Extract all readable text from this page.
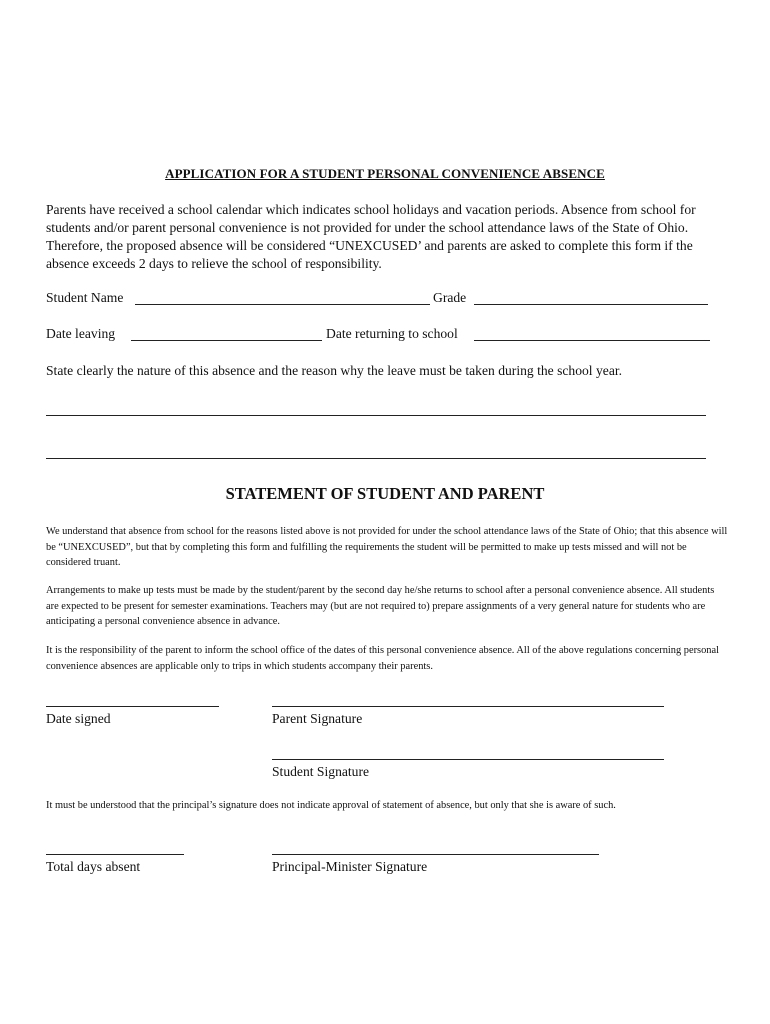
APPLICATION FOR A STUDENT PERSONAL CONVENIENCE ABSENCE

Parents have received a school calendar which indicates school holidays and vacation periods. Absence from school for students and/or parent personal convenience is not provided for under the school attendance laws of the State of Ohio. Therefore, the proposed absence will be considered “UNEXCUSED’ and parents are asked to complete this form if the absence exceeds 2 days to relieve the school of responsibility.

Student Name	Grade
Date leaving	Date returning to school
State clearly the nature of this absence and the reason why the leave must be taken during the school year.
STATEMENT OF STUDENT AND PARENT

We understand that absence from school for the reasons listed above is not provided for under the school attendance laws of the State of Ohio; that this absence will be “UNEXCUSED”, but that by completing this form and fulfilling the requirements the student will be permitted to make up tests missed and will not be considered truant.

Arrangements to make up tests must be made by the student/parent by the second day he/she returns to school after a personal convenience absence. All students are expected to be present for semester examinations. Teachers may (but are not required to) prepare assignments of a very general nature for students who are anticipating a personal convenience absence in advance.

It is the responsibility of the parent to inform the school office of the dates of this personal convenience absence. All of the above regulations concerning personal convenience absences are applicable only to trips in which students accompany their parents.

Date signed	Parent Signature
Student Signature

It must be understood that the principal’s signature does not indicate approval of statement of absence, but only that she is aware of such.

Total days absent	Principal-Minister Signature
